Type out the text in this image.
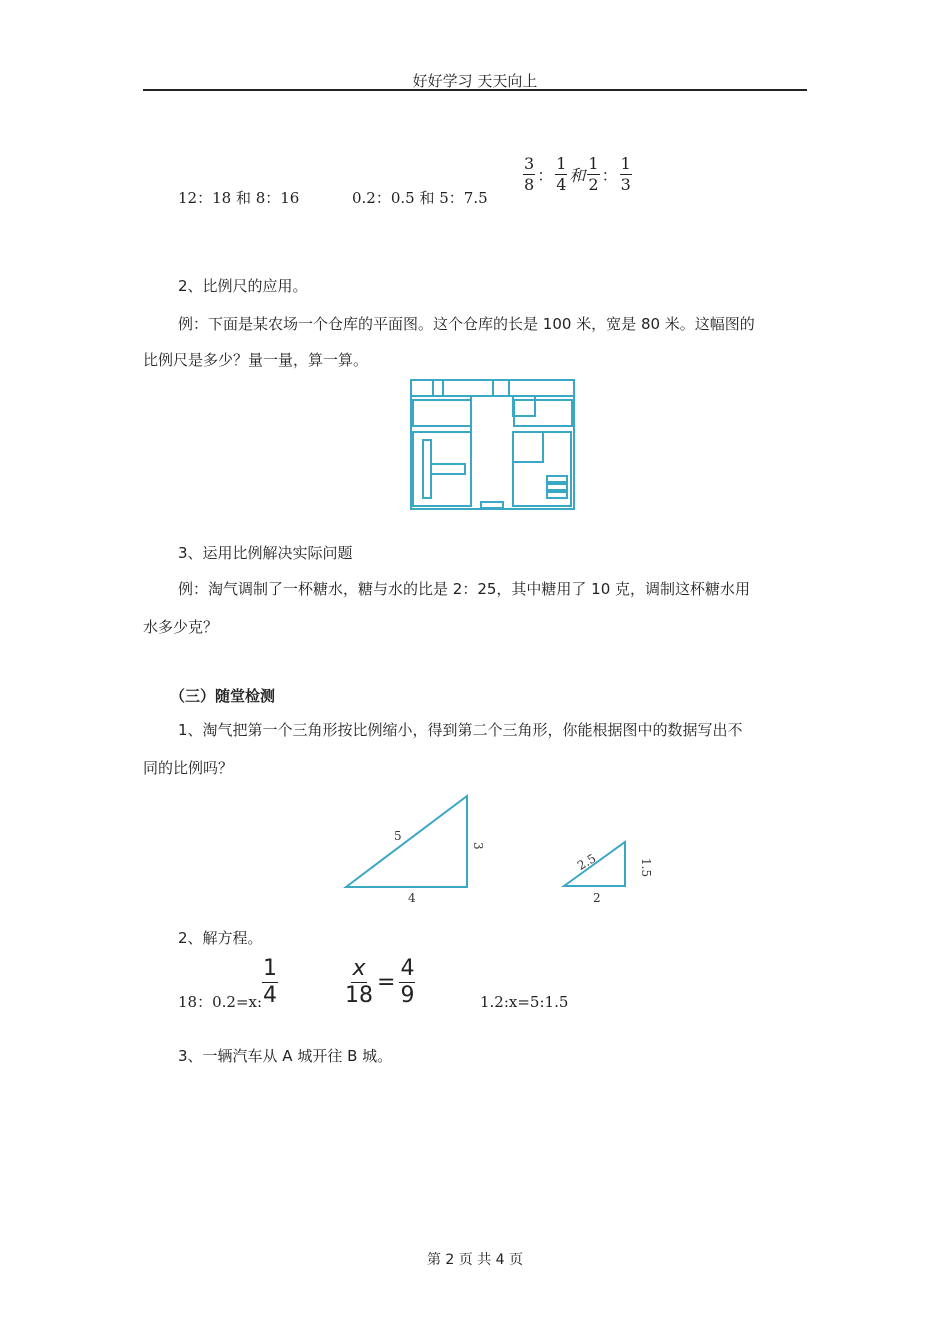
好好学习 天天向上
12：18 和 8：16	0.2：0.5 和 5：7.5
$\frac{3}{8}$ ： $\frac{1}{4}$ 和 $\frac{1}{2}$ ： $\frac{1}{3}$
2、比例尺的应用。
例：下面是某农场一个仓库的平面图。这个仓库的长是 100 米，宽是 80 米。这幅图的
比例尺是多少？量一量，算一算。
3、运用比例解决实际问题
例：淘气调制了一杯糖水，糖与水的比是 2：25，其中糖用了 10 克，调制这杯糖水用
水多少克？
（三）随堂检测
1、淘气把第一个三角形按比例缩小，得到第二个三角形，你能根据图中的数据写出不
同的比例吗？
5
3
4
2.5	1.5
2
2、解方程。
18：0.2=x: $\frac{1}{4}$	$\frac{x}{18} = \frac{4}{9}$	1.2:x=5:1.5
3、一辆汽车从 A 城开往 B 城。
第 2 页 共 4 页
